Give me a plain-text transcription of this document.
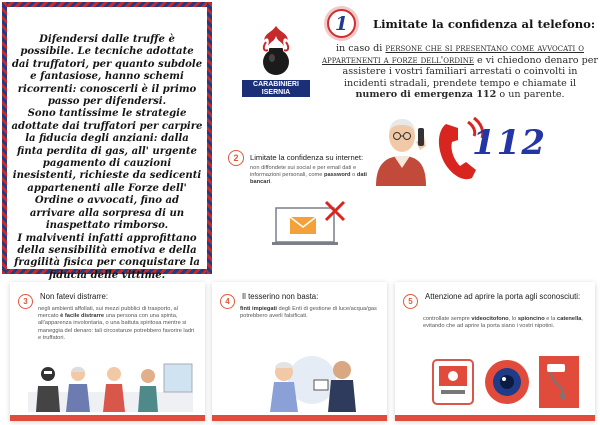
Difendersi dalle truffe è possibile. Le tecniche adottate dai truffatori, per quanto subdole e fantasiose, hanno schemi ricorrenti: conoscerli è il primo passo per difendersi.

Sono tantissime le strategie adottate dai truffatori per carpire la fiducia degli anziani: dalla finta perdita di gas, all' urgente pagamento di cauzioni inesistenti, richieste da sedicenti appartenenti alle Forze dell' Ordine o avvocati, fino ad arrivare alla sorpresa di un inaspettato rimborso.

I malviventi infatti approfittano della sensibilità emotiva e della fragilità fisica per conquistare la fiducia delle vittime.

CARABINIERI
ISERNIA
1	Limitate la confidenza al telefono:
in caso di persone che si presentano come avvocati o appartenenti a forze dell'ordine e vi chiedono denaro per assistere i vostri familiari arrestati o coinvolti in incidenti stradali, prendete tempo e chiamate il numero di emergenza 112 o un parente.
112
2	Limitate la confidenza su internet:
non diffondete sui social e per email dati e informazioni personali, come password o dati bancari.
3
Non fatevi distrarre:
negli ambienti affollati, sui mezzi pubblici di trasporto, al mercato è facile distrarre una persona con una spinta, all'apparenza involontaria, o una battuta spiritosa mentre si maneggia del denaro: tali circostanze potrebbero favorire ladri e truffatori.
4
Il tesserino non basta:
finti impiegati degli Enti di gestione di luce/acqua/gas potrebbero averli falsificati.
5
Attenzione ad aprire la porta agli sconosciuti:
controllate sempre videocitofono, lo spioncino e la catenella, evitando che ad aprire la porta siano i vostri nipotini.
